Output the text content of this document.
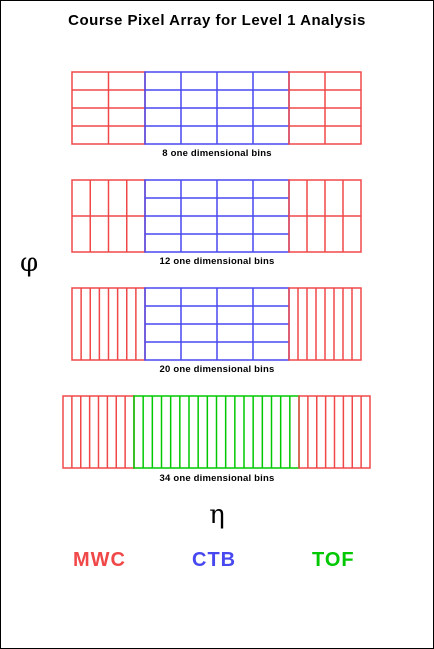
Course Pixel Array for Level 1 Analysis
φ
8 one dimensional bins
12 one dimensional bins
20 one dimensional bins
34 one dimensional bins
η
MWC	CTB	TOF
